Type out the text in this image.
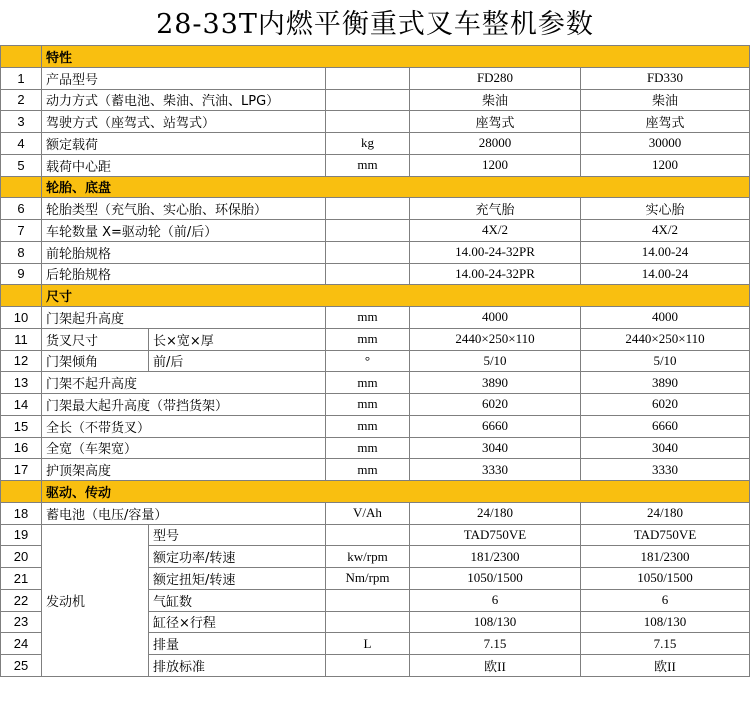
28-33T内燃平衡重式叉车整机参数
	特性				
1	产品型号			FD280	FD330
2	动力方式（蓄电池、柴油、汽油、LPG）			柴油	柴油
3	驾驶方式（座驾式、站驾式）			座驾式	座驾式
4	额定载荷		kg	28000	30000
5	载荷中心距		mm	1200	1200
	轮胎、底盘				
6	轮胎类型（充气胎、实心胎、环保胎）			充气胎	实心胎
7	车轮数量 X=驱动轮（前/后）			4X/2	4X/2
8	前轮胎规格			14.00-24-32PR	14.00-24
9	后轮胎规格			14.00-24-32PR	14.00-24
	尺寸				
10	门架起升高度		mm	4000	4000
11	货叉尺寸	长×宽×厚	mm	2440×250×110	2440×250×110
12	门架倾角	前/后	°	5/10	5/10
13	门架不起升高度		mm	3890	3890
14	门架最大起升高度（带挡货架）		mm	6020	6020
15	全长（不带货叉）		mm	6660	6660
16	全宽（车架宽）		mm	3040	3040
17	护顶架高度		mm	3330	3330
	驱动、传动				
18	蓄电池（电压/容量）		V/Ah	24/180	24/180
19	发动机	型号		TAD750VE	TAD750VE
20		额定功率/转速	kw/rpm	181/2300	181/2300
21		额定扭矩/转速	Nm/rpm	1050/1500	1050/1500
22		气缸数		6	6
23		缸径×行程		108/130	108/130
24		排量	L	7.15	7.15
25		排放标准		欧II	欧II
